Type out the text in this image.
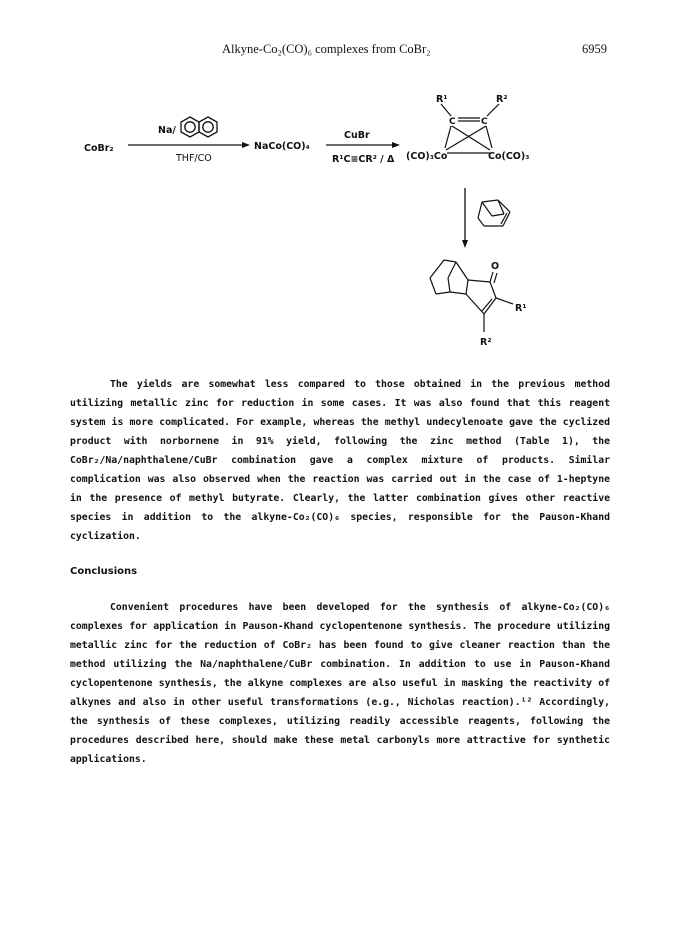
Alkyne-Co₂(CO)₆ complexes from CoBr₂	6959
CoBr₂
Na/
THF/CO
NaCo(CO)₄
CuBr
R¹C≡CR² / Δ
R¹	R²
C	C
(CO)₃Co	Co(CO)₃
O
R¹
R²
The yields are somewhat less compared to those obtained in the previous method utilizing metallic zinc for reduction in some cases. It was also found that this reagent system is more complicated. For example, whereas the methyl undecylenoate gave the cyclized product with norbornene in 91% yield, following the zinc method (Table 1), the CoBr₂/Na/naphthalene/CuBr combination gave a complex mixture of products. Similar complication was also observed when the reaction was carried out in the case of 1-heptyne in the presence of methyl butyrate. Clearly, the latter combination gives other reactive species in addition to the alkyne-Co₂(CO)₆ species, responsible for the Pauson-Khand cyclization.
Conclusions
Convenient procedures have been developed for the synthesis of alkyne-Co₂(CO)₆ complexes for application in Pauson-Khand cyclopentenone synthesis. The procedure utilizing metallic zinc for the reduction of CoBr₂ has been found to give cleaner reaction than the method utilizing the Na/naphthalene/CuBr combination. In addition to use in Pauson-Khand cyclopentenone synthesis, the alkyne complexes are also useful in masking the reactivity of alkynes and also in other useful transformations (e.g., Nicholas reaction).¹² Accordingly, the synthesis of these complexes, utilizing readily accessible reagents, following the procedures described here, should make these metal carbonyls more attractive for synthetic applications.
